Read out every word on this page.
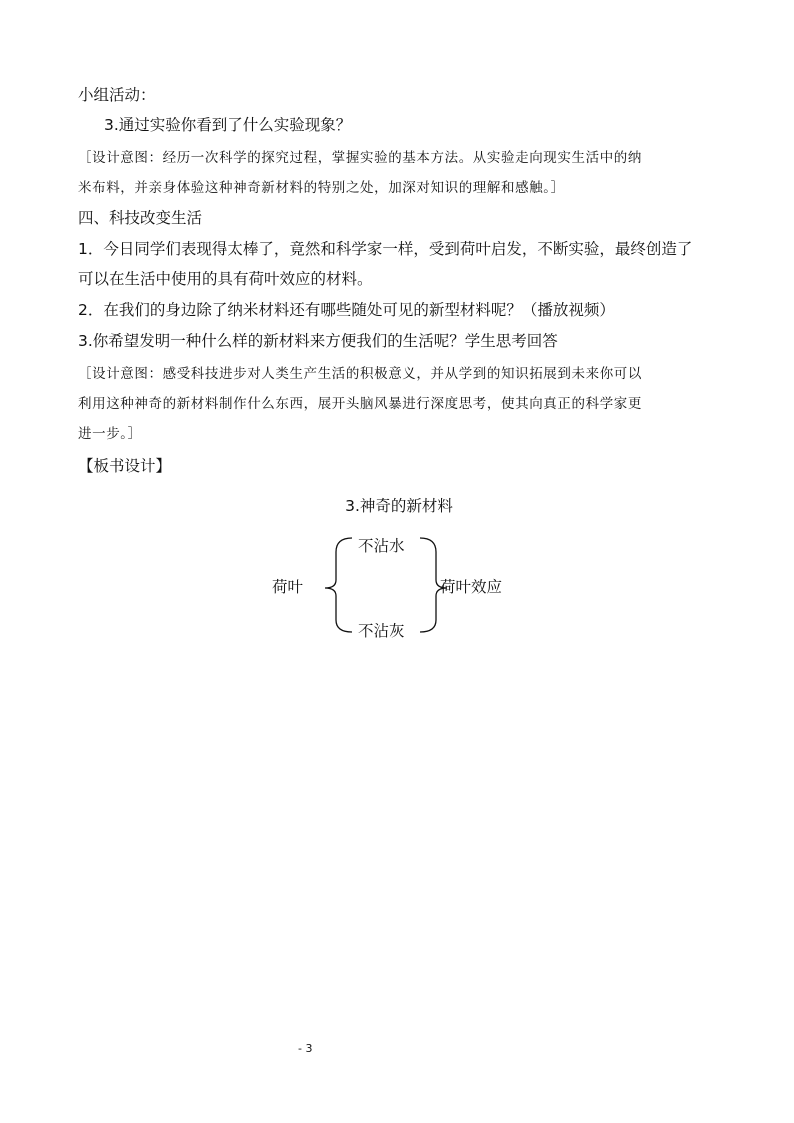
小组活动：
3.通过实验你看到了什么实验现象？
［设计意图：经历一次科学的探究过程，掌握实验的基本方法。从实验走向现实生活中的纳
米布料，并亲身体验这种神奇新材料的特别之处，加深对知识的理解和感触。］
四、科技改变生活
1．今日同学们表现得太棒了，竟然和科学家一样，受到荷叶启发，不断实验，最终创造了
可以在生活中使用的具有荷叶效应的材料。
2．在我们的身边除了纳米材料还有哪些随处可见的新型材料呢？（播放视频）
3.你希望发明一种什么样的新材料来方便我们的生活呢？学生思考回答
［设计意图：感受科技进步对人类生产生活的积极意义，并从学到的知识拓展到未来你可以
利用这种神奇的新材料制作什么东西，展开头脑风暴进行深度思考，使其向真正的科学家更
进一步。］
【板书设计】
3.神奇的新材料
荷叶
不沾水
不沾灰
荷叶效应
- 3
